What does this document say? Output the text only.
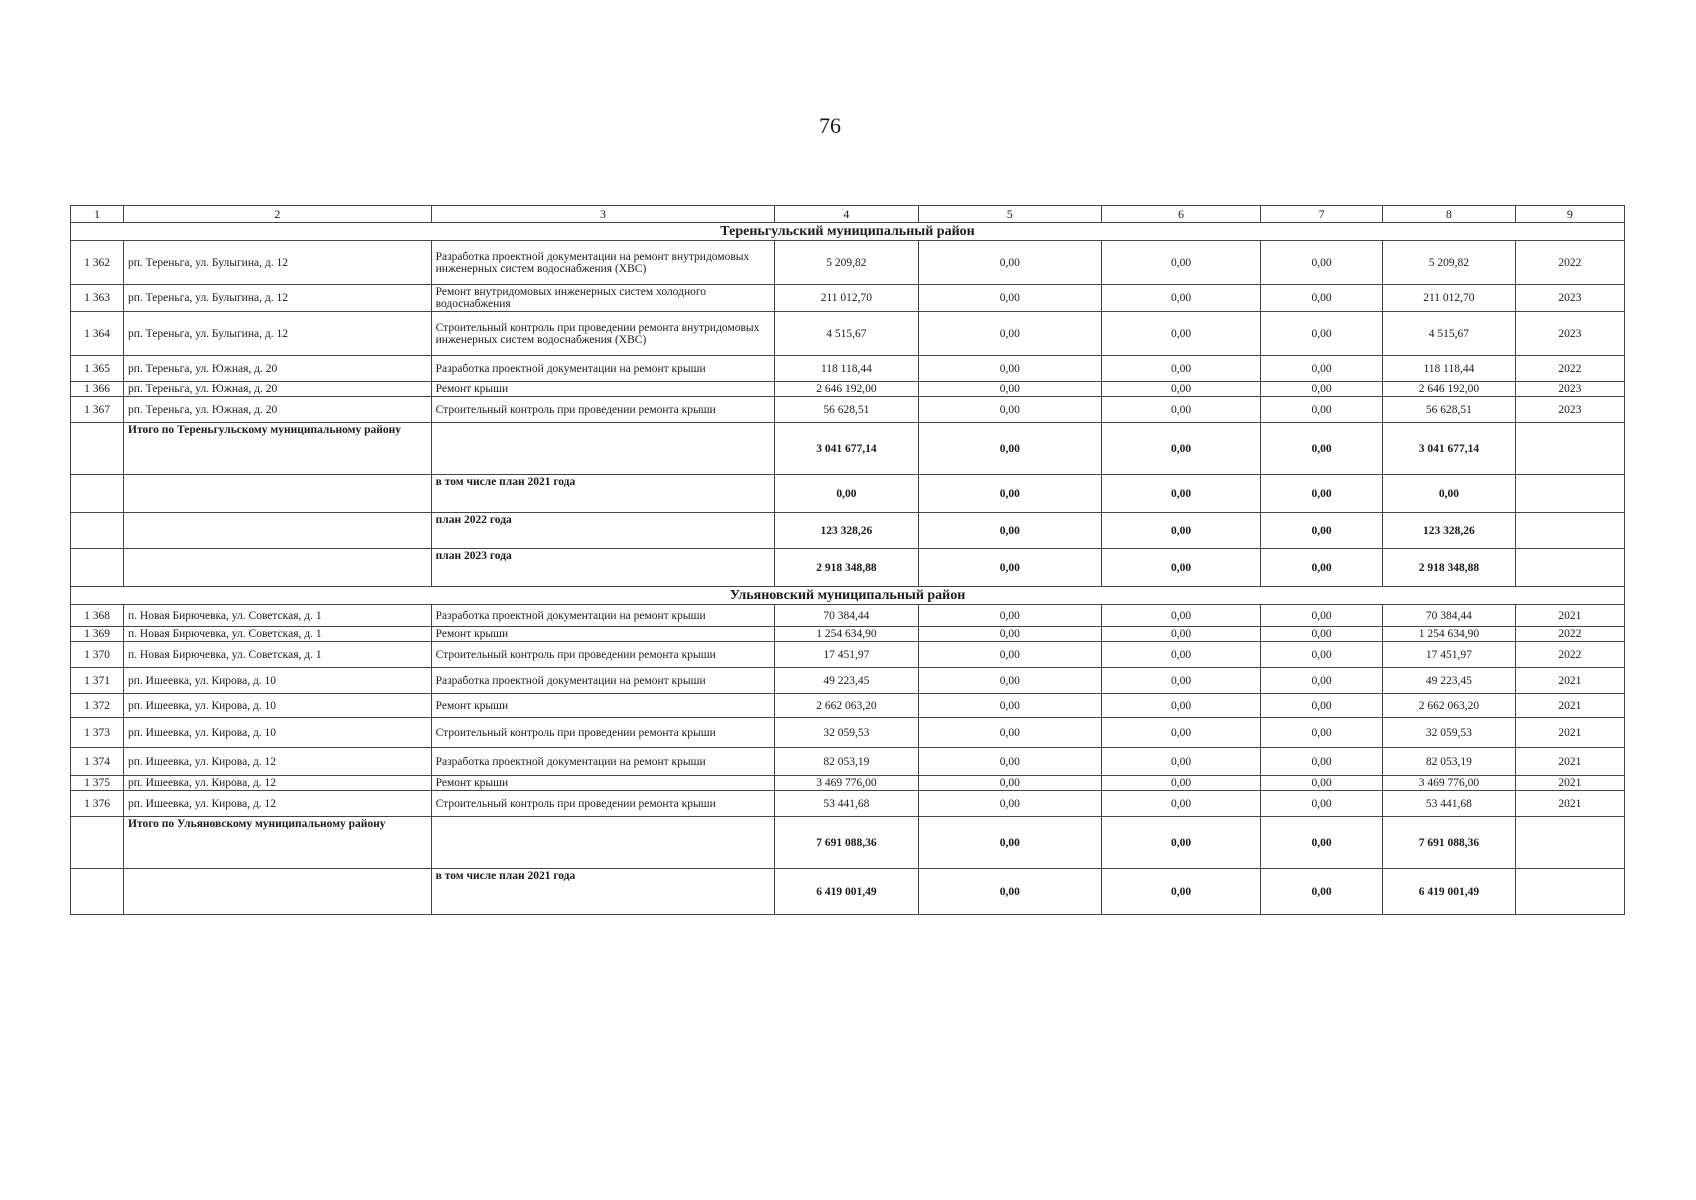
76
1	2	3	4	5	6	7	8	9
Тереньгульский муниципальный район								
1 362	рп. Тереньга, ул. Булыгина, д. 12	Разработка проектной документации на ремонт внутридомовых инженерных систем водоснабжения (ХВС)	5 209,82	0,00	0,00	0,00	5 209,82	2022
1 363	рп. Тереньга, ул. Булыгина, д. 12	Ремонт внутридомовых инженерных систем холодного водоснабжения	211 012,70	0,00	0,00	0,00	211 012,70	2023
1 364	рп. Тереньга, ул. Булыгина, д. 12	Строительный контроль при проведении ремонта внутридомовых инженерных систем водоснабжения (ХВС)	4 515,67	0,00	0,00	0,00	4 515,67	2023
1 365	рп. Тереньга, ул. Южная, д. 20	Разработка проектной документации на ремонт крыши	118 118,44	0,00	0,00	0,00	118 118,44	2022
1 366	рп. Тереньга, ул. Южная, д. 20	Ремонт крыши	2 646 192,00	0,00	0,00	0,00	2 646 192,00	2023
1 367	рп. Тереньга, ул. Южная, д. 20	Строительный контроль при проведении ремонта крыши	56 628,51	0,00	0,00	0,00	56 628,51	2023
	Итого по Тереньгульскому муниципальному району		3 041 677,14	0,00	0,00	0,00	3 041 677,14	
		в том числе план 2021 года	0,00	0,00	0,00	0,00	0,00	
		план 2022 года	123 328,26	0,00	0,00	0,00	123 328,26	
		план 2023 года	2 918 348,88	0,00	0,00	0,00	2 918 348,88	
Ульяновский муниципальный район								
1 368	п. Новая Бирючевка, ул. Советская, д. 1	Разработка проектной документации на ремонт крыши	70 384,44	0,00	0,00	0,00	70 384,44	2021
1 369	п. Новая Бирючевка, ул. Советская, д. 1	Ремонт крыши	1 254 634,90	0,00	0,00	0,00	1 254 634,90	2022
1 370	п. Новая Бирючевка, ул. Советская, д. 1	Строительный контроль при проведении ремонта крыши	17 451,97	0,00	0,00	0,00	17 451,97	2022
1 371	рп. Ишеевка, ул. Кирова, д. 10	Разработка проектной документации на ремонт крыши	49 223,45	0,00	0,00	0,00	49 223,45	2021
1 372	рп. Ишеевка, ул. Кирова, д. 10	Ремонт крыши	2 662 063,20	0,00	0,00	0,00	2 662 063,20	2021
1 373	рп. Ишеевка, ул. Кирова, д. 10	Строительный контроль при проведении ремонта крыши	32 059,53	0,00	0,00	0,00	32 059,53	2021
1 374	рп. Ишеевка, ул. Кирова, д. 12	Разработка проектной документации на ремонт крыши	82 053,19	0,00	0,00	0,00	82 053,19	2021
1 375	рп. Ишеевка, ул. Кирова, д. 12	Ремонт крыши	3 469 776,00	0,00	0,00	0,00	3 469 776,00	2021
1 376	рп. Ишеевка, ул. Кирова, д. 12	Строительный контроль при проведении ремонта крыши	53 441,68	0,00	0,00	0,00	53 441,68	2021
	Итого по Ульяновскому муниципальному району		7 691 088,36	0,00	0,00	0,00	7 691 088,36	
		в том числе план 2021 года	6 419 001,49	0,00	0,00	0,00	6 419 001,49	
